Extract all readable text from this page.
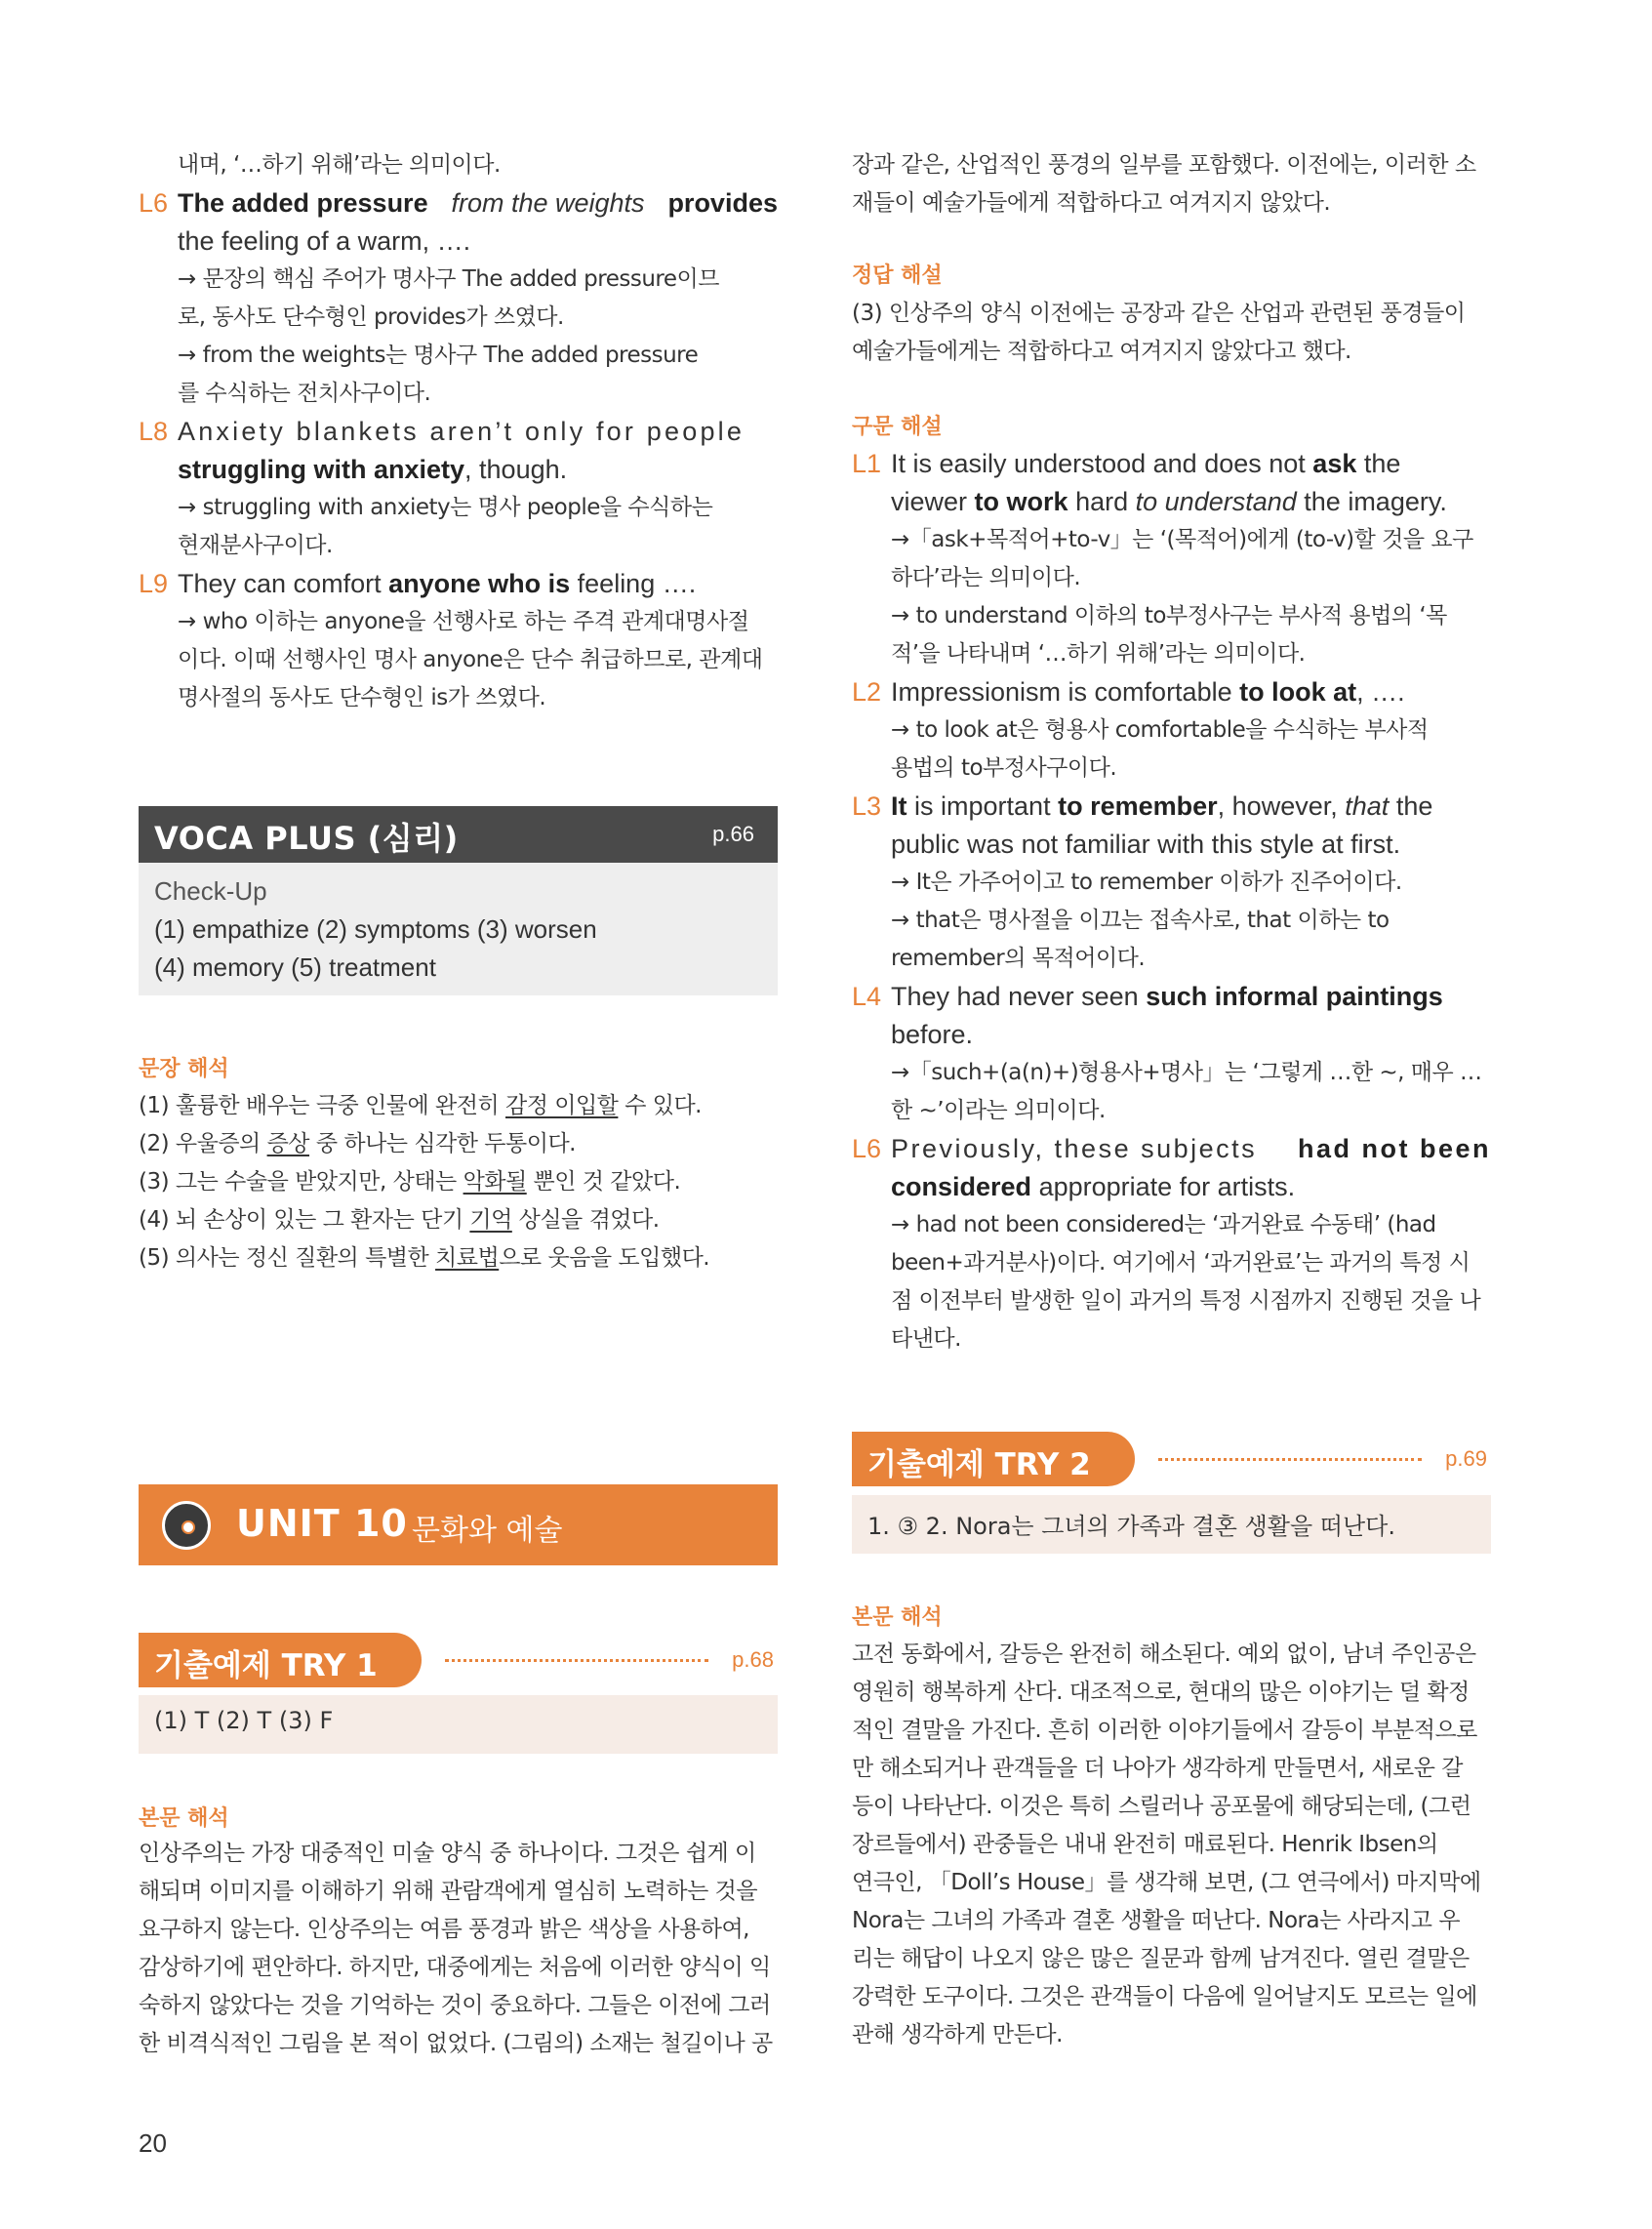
내며, ‘…하기 위해’라는 의미이다.
L6 The added pressure from the weights provides
the feeling of a warm, ….
→ 문장의 핵심 주어가 명사구 The added pressure이므
로, 동사도 단수형인 provides가 쓰였다.
→ from the weights는 명사구 The added pressure
를 수식하는 전치사구이다.
L8 Anxiety blankets aren’t only for people
struggling with anxiety, though.
→ struggling with anxiety는 명사 people을 수식하는
현재분사구이다.
L9 They can comfort anyone who is feeling ….
→ who 이하는 anyone을 선행사로 하는 주격 관계대명사절
이다. 이때 선행사인 명사 anyone은 단수 취급하므로, 관계대
명사절의 동사도 단수형인 is가 쓰였다.
VOCA PLUS (심리)	p.66
Check-Up
(1) empathize (2) symptoms (3) worsen
(4) memory (5) treatment
문장 해석
(1) 훌륭한 배우는 극중 인물에 완전히 감정 이입할 수 있다.
(2) 우울증의 증상 중 하나는 심각한 두통이다.
(3) 그는 수술을 받았지만, 상태는 악화될 뿐인 것 같았다.
(4) 뇌 손상이 있는 그 환자는 단기 기억 상실을 겪었다.
(5) 의사는 정신 질환의 특별한 치료법으로 웃음을 도입했다.
UNIT 10 문화와 예술
기출예제 TRY 1	p.68
(1) T (2) T (3) F
본문 해석
인상주의는 가장 대중적인 미술 양식 중 하나이다. 그것은 쉽게 이
해되며 이미지를 이해하기 위해 관람객에게 열심히 노력하는 것을
요구하지 않는다. 인상주의는 여름 풍경과 밝은 색상을 사용하여,
감상하기에 편안하다. 하지만, 대중에게는 처음에 이러한 양식이 익
숙하지 않았다는 것을 기억하는 것이 중요하다. 그들은 이전에 그러
한 비격식적인 그림을 본 적이 없었다. (그림의) 소재는 철길이나 공
장과 같은, 산업적인 풍경의 일부를 포함했다. 이전에는, 이러한 소
재들이 예술가들에게 적합하다고 여겨지지 않았다.
정답 해설
(3) 인상주의 양식 이전에는 공장과 같은 산업과 관련된 풍경들이
예술가들에게는 적합하다고 여겨지지 않았다고 했다.
구문 해설
L1 It is easily understood and does not ask the
viewer to work hard to understand the imagery.
→「ask+목적어+to-v」는 ‘(목적어)에게 (to-v)할 것을 요구
하다’라는 의미이다.
→ to understand 이하의 to부정사구는 부사적 용법의 ‘목
적’을 나타내며 ‘…하기 위해’라는 의미이다.
L2 Impressionism is comfortable to look at, ….
→ to look at은 형용사 comfortable을 수식하는 부사적
용법의 to부정사구이다.
L3 It is important to remember, however, that the
public was not familiar with this style at first.
→ It은 가주어이고 to remember 이하가 진주어이다.
→ that은 명사절을 이끄는 접속사로, that 이하는 to
remember의 목적어이다.
L4 They had never seen such informal paintings
before.
→「such+(a(n)+)형용사+명사」는 ‘그렇게 …한 ~, 매우 …
한 ~’이라는 의미이다.
L6 Previously, these subjects had not been
considered appropriate for artists.
→ had not been considered는 ‘과거완료 수동태’ (had
been+과거분사)이다. 여기에서 ‘과거완료’는 과거의 특정 시
점 이전부터 발생한 일이 과거의 특정 시점까지 진행된 것을 나
타낸다.
기출예제 TRY 2	p.69
1. ③ 2. Nora는 그녀의 가족과 결혼 생활을 떠난다.
본문 해석
고전 동화에서, 갈등은 완전히 해소된다. 예외 없이, 남녀 주인공은
영원히 행복하게 산다. 대조적으로, 현대의 많은 이야기는 덜 확정
적인 결말을 가진다. 흔히 이러한 이야기들에서 갈등이 부분적으로
만 해소되거나 관객들을 더 나아가 생각하게 만들면서, 새로운 갈
등이 나타난다. 이것은 특히 스릴러나 공포물에 해당되는데, (그런
장르들에서) 관중들은 내내 완전히 매료된다. Henrik Ibsen의
연극인, 「Doll’s House」를 생각해 보면, (그 연극에서) 마지막에
Nora는 그녀의 가족과 결혼 생활을 떠난다. Nora는 사라지고 우
리는 해답이 나오지 않은 많은 질문과 함께 남겨진다. 열린 결말은
강력한 도구이다. 그것은 관객들이 다음에 일어날지도 모르는 일에
관해 생각하게 만든다.
20
